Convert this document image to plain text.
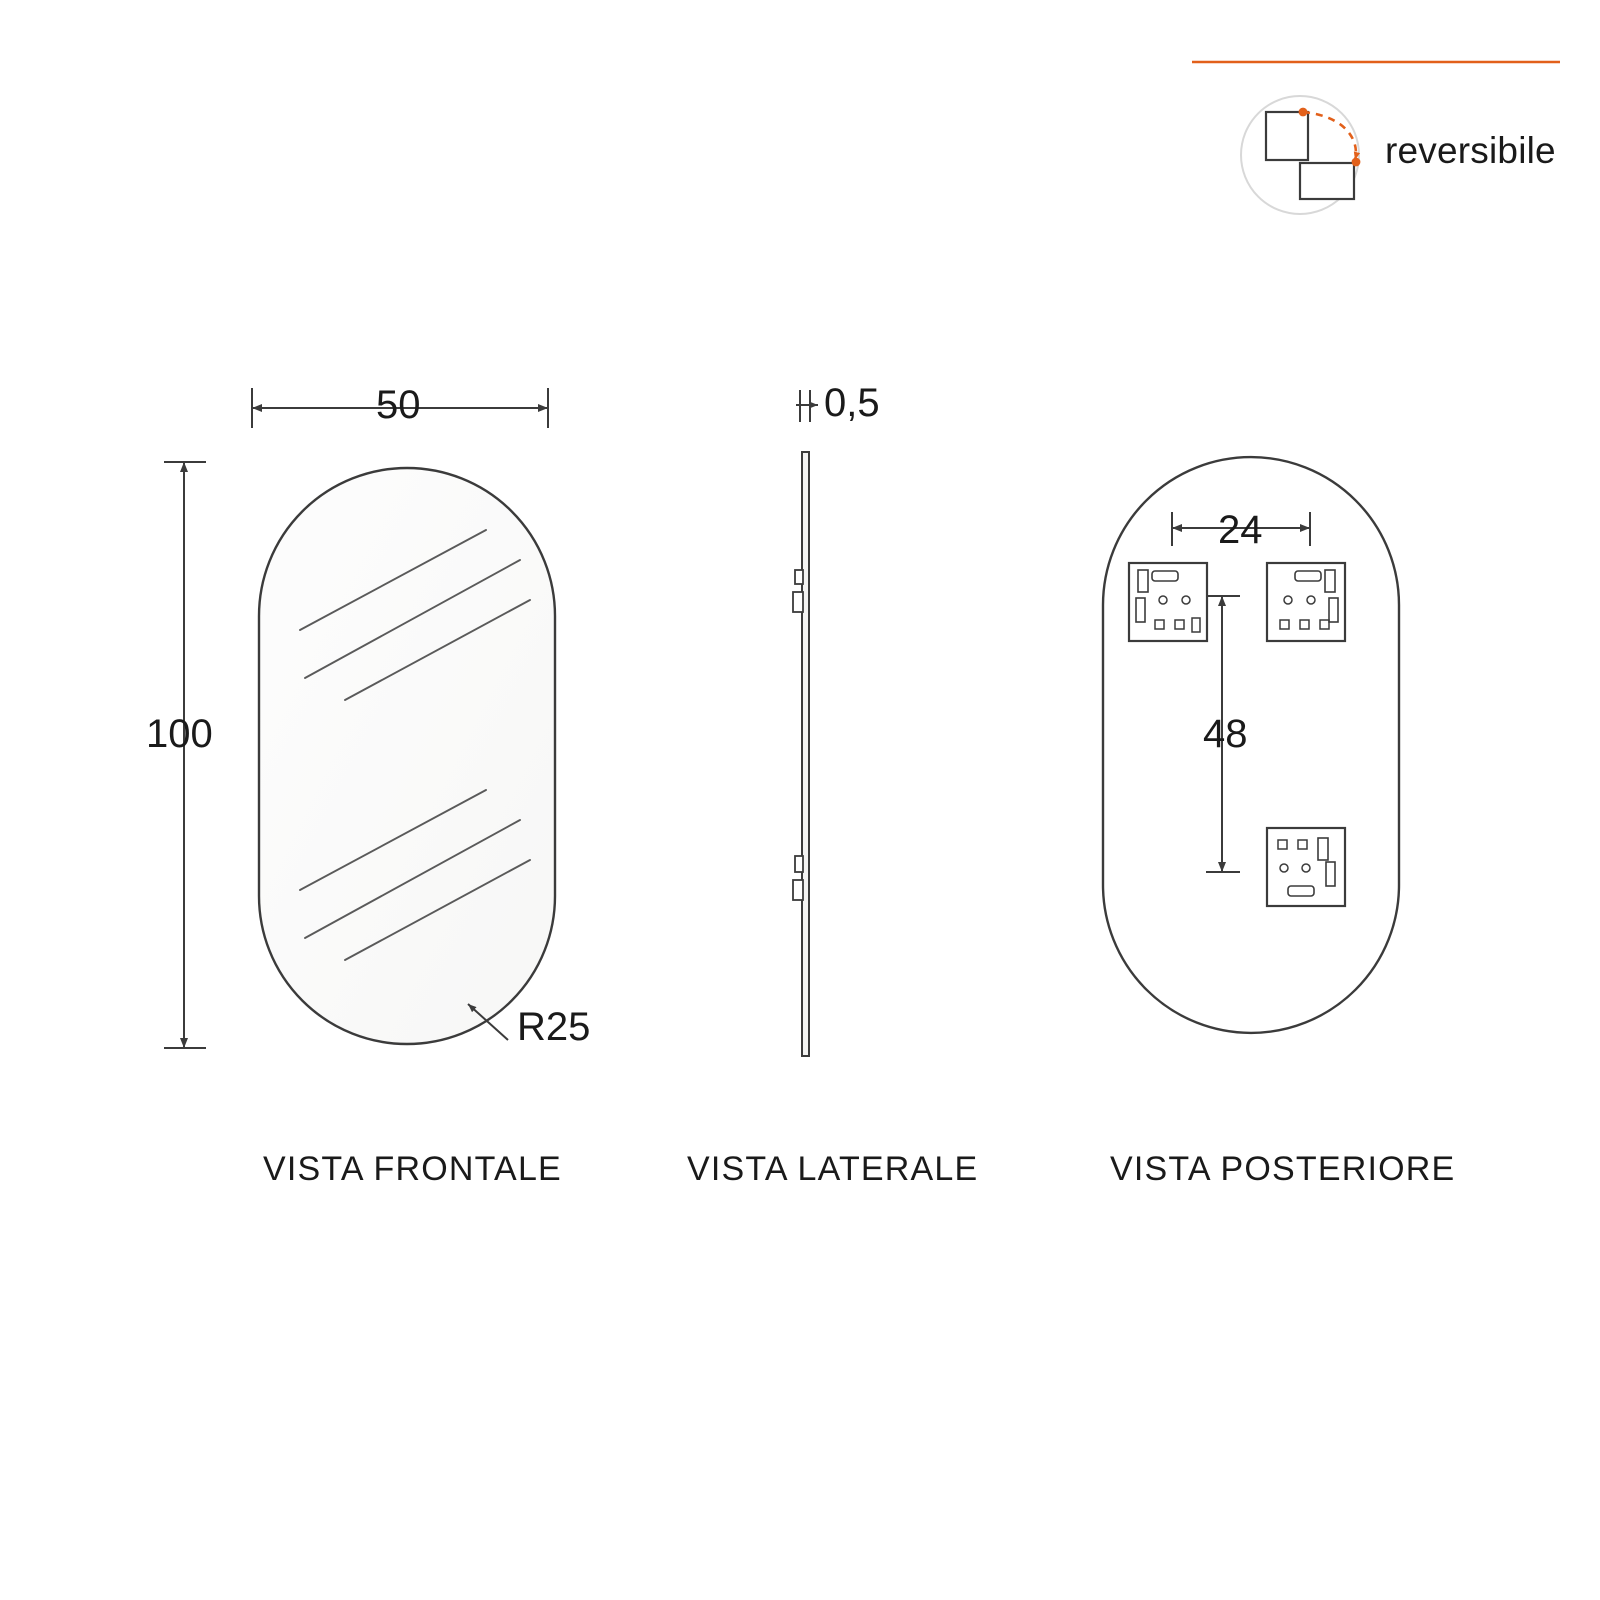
reversibile
50
100
R25
0,5
24
48
VISTA FRONTALE	VISTA LATERALE	VISTA POSTERIORE
